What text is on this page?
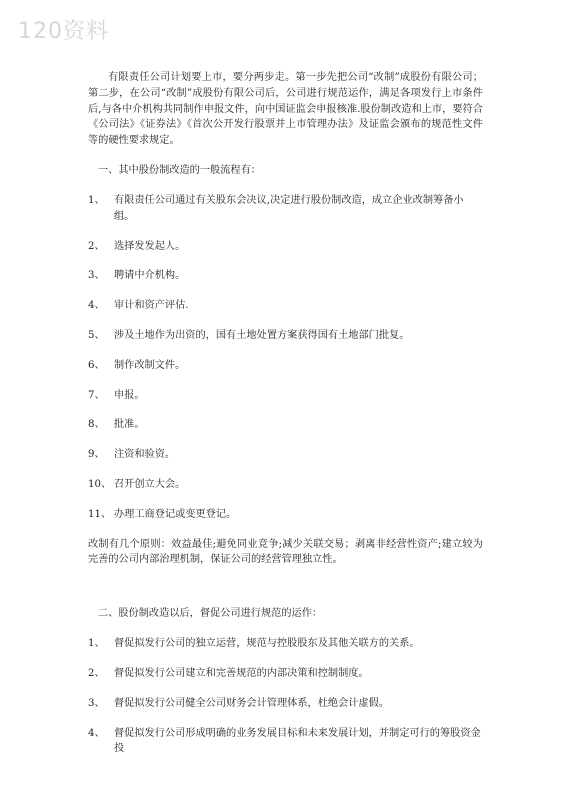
120资料

有限责任公司计划要上市，要分两步走。第一步先把公司“改制”成股份有限公司；第二步，在公司“改制”成股份有限公司后，公司进行规范运作，满足各项发行上市条件后,与各中介机构共同制作申报文件，向中国证监会申报核准.股份制改造和上市，要符合《公司法》《证券法》《首次公开发行股票并上市管理办法》及证监会颁布的规范性文件等的硬性要求规定。

一、其中股份制改造的一般流程有：

1、 有限责任公司通过有关股东会决议,决定进行股份制改造，成立企业改制筹备小组。
2、 选择发发起人。
3、 聘请中介机构。
4、 审计和资产评估.
5、 涉及土地作为出资的，国有土地处置方案获得国有土地部门批复。
6、 制作改制文件。
7、 申报。
8、 批准。
9、 注资和验资。
10、 召开创立大会。
11、 办理工商登记或变更登记。

改制有几个原则：效益最佳;避免同业竞争;减少关联交易；剥离非经营性资产;建立较为完善的公司内部治理机制，保证公司的经营管理独立性。

二、股份制改造以后，督促公司进行规范的运作：

1、 督促拟发行公司的独立运营，规范与控股股东及其他关联方的关系。
2、 督促拟发行公司建立和完善规范的内部决策和控制制度。
3、 督促拟发行公司健全公司财务会计管理体系，杜绝会计虚假。
4、 督促拟发行公司形成明确的业务发展目标和未来发展计划，并制定可行的筹股资金投
